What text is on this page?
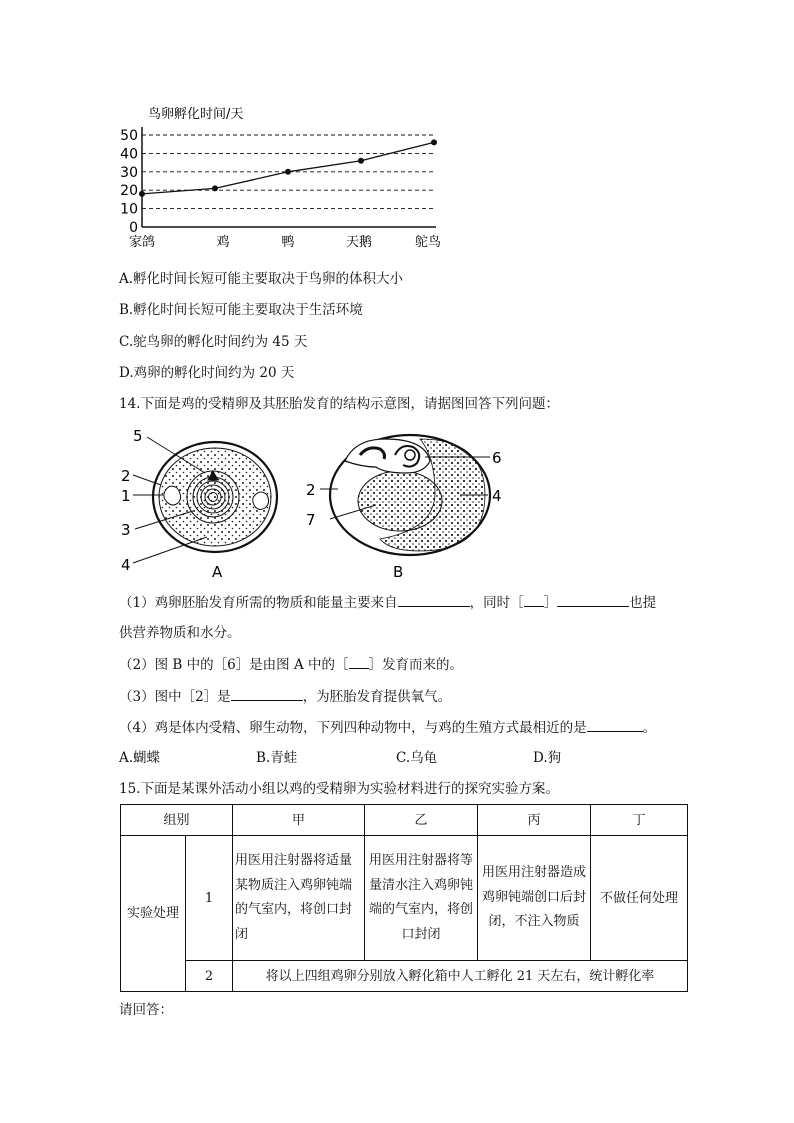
鸟卵孵化时间/天
0
10
20
30
40
50
家鸽	鸡	鸭	天鹅	鸵鸟
A.孵化时间长短可能主要取决于鸟卵的体积大小
B.孵化时间长短可能主要取决于生活环境
C.鸵鸟卵的孵化时间约为 45 天
D.鸡卵的孵化时间约为 20 天
14.下面是鸡的受精卵及其胚胎发育的结构示意图，请据图回答下列问题：
5
2
1
3
4	A
6
2	4
7
B
（1）鸡卵胚胎发育所需的物质和能量主要来自	，同时［ ］	也提
供营养物质和水分。
（2）图 B 中的［6］是由图 A 中的［ ］发育而来的。
（3）图中［2］是	，为胚胎发育提供氧气。
（4）鸡是体内受精、卵生动物，下列四种动物中，与鸡的生殖方式最相近的是	。
A.蝴蝶	B.青蛙	C.乌龟	D.狗
15.下面是某课外活动小组以鸡的受精卵为实验材料进行的探究实验方案。
组别		甲	乙	丙	丁
实验处理	1	用医用注射器将适量某物质注入鸡卵钝端的气室内，将创口封闭	用医用注射器将等量清水注入鸡卵钝端的气室内，将创口封闭	用医用注射器造成鸡卵钝端创口后封闭，不注入物质	不做任何处理
	2	将以上四组鸡卵分别放入孵化箱中人工孵化 21 天左右，统计孵化率			
请回答：
